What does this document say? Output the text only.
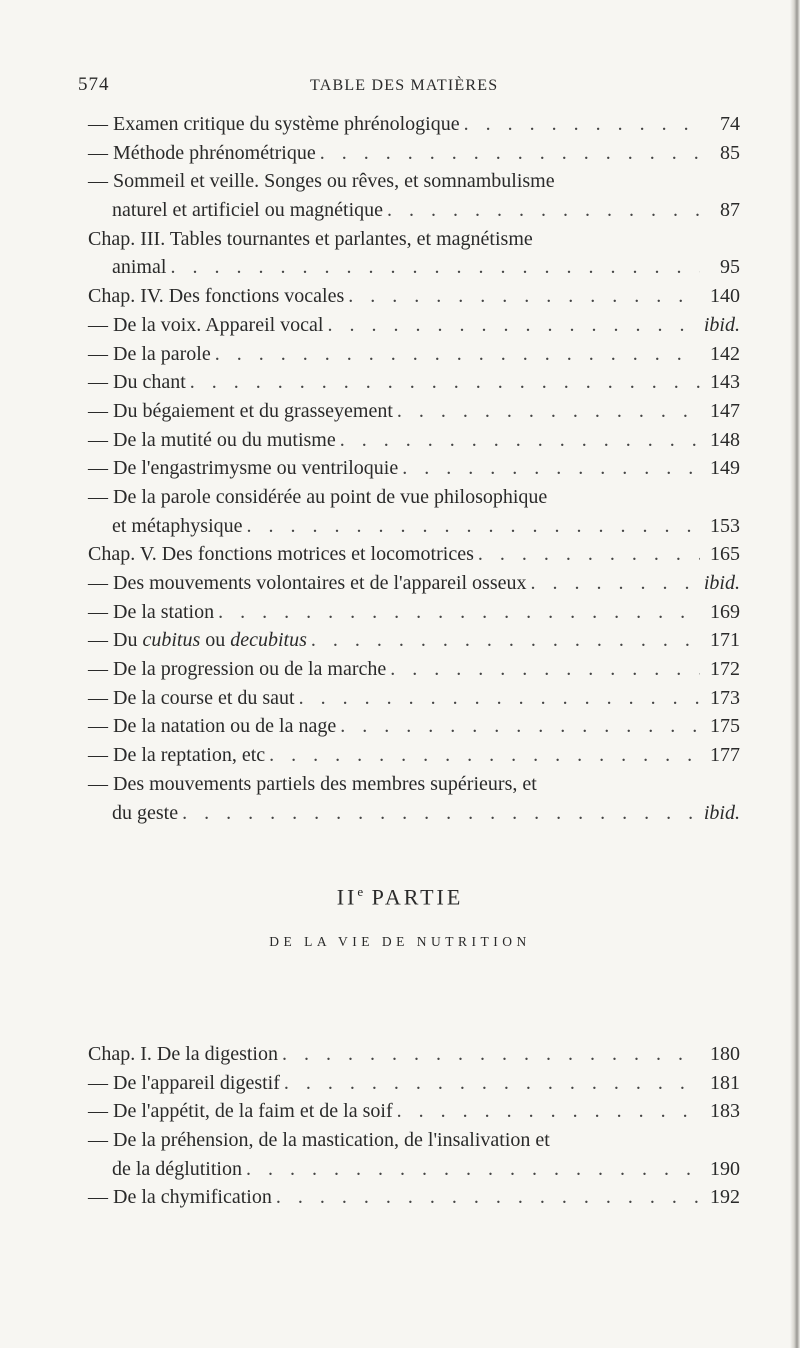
574	TABLE DES MATIÈRES
— Examen critique du système phrénologique . . .	74
— Méthode phrénométrique . . .	85
— Sommeil et veille. Songes ou rêves, et somnambulisme
naturel et artificiel ou magnétique . . .	87
Chap. III. Tables tournantes et parlantes, et magnétisme
animal . . .	95
Chap. IV. Des fonctions vocales . . .	140
— De la voix. Appareil vocal . . .	ibid.
— De la parole . . .	142
— Du chant . . .	143
— Du bégaiement et du grasseyement . . .	147
— De la mutité ou du mutisme . . .	148
— De l'engastrimysme ou ventriloquie . . .	149
— De la parole considérée au point de vue philosophique
et métaphysique . . .	153
Chap. V. Des fonctions motrices et locomotrices . . .	165
— Des mouvements volontaires et de l'appareil osseux . . .	ibid.
— De la station . . .	169
— Du cubitus ou decubitus . . .	171
— De la progression ou de la marche . . .	172
— De la course et du saut . . .	173
— De la natation ou de la nage . . .	175
— De la reptation, etc . . .	177
— Des mouvements partiels des membres supérieurs, et
du geste . . .	ibid.
IIe PARTIE
DE LA VIE DE NUTRITION
Chap. I. De la digestion . . .	180
— De l'appareil digestif . . .	181
— De l'appétit, de la faim et de la soif . . .	183
— De la préhension, de la mastication, de l'insalivation et
de la déglutition . . .	190
— De la chymification . . .	192
